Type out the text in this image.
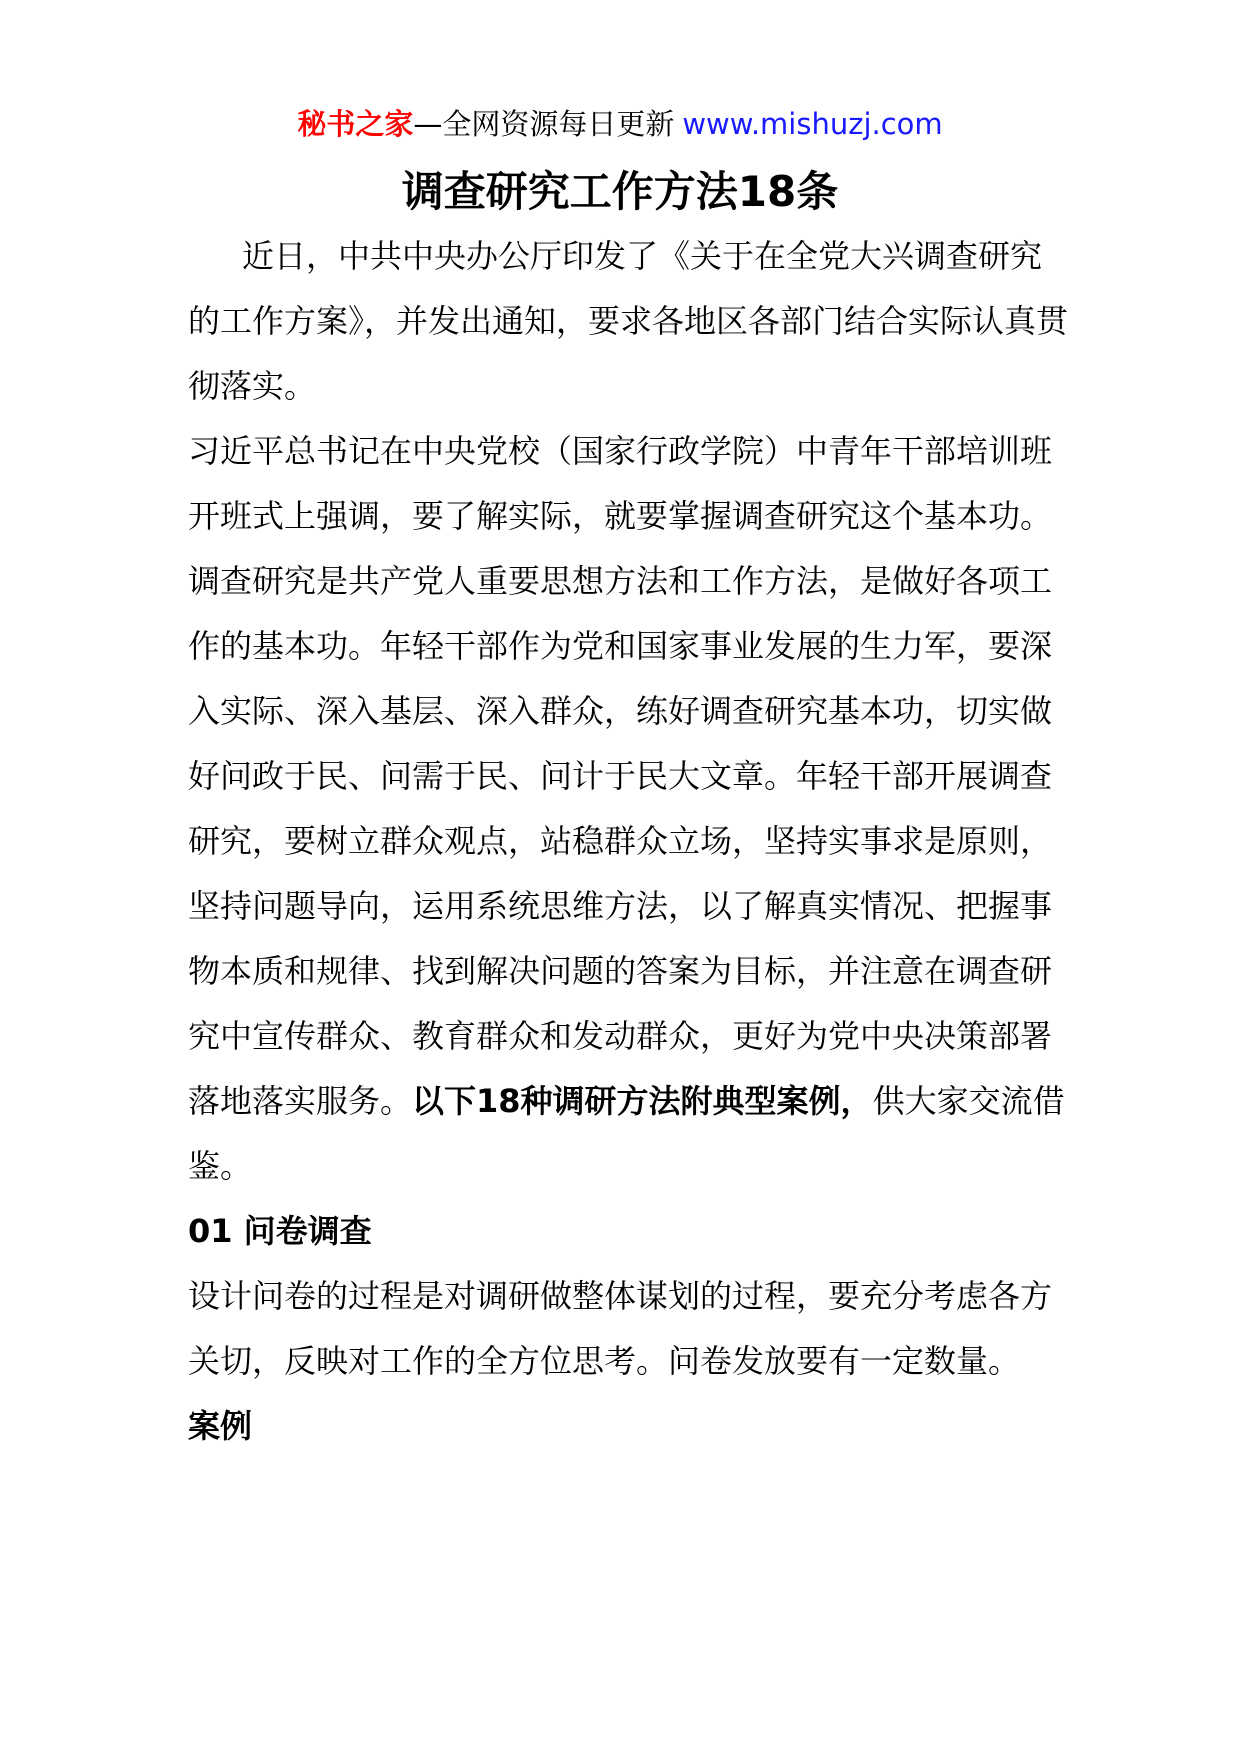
秘书之家—全网资源每日更新 www.mishuzj.com
调查研究工作方法18条

近日，中共中央办公厅印发了《关于在全党大兴调查研究的工作方案》，并发出通知，要求各地区各部门结合实际认真贯彻落实。

习近平总书记在中央党校（国家行政学院）中青年干部培训班开班式上强调，要了解实际，就要掌握调查研究这个基本功。调查研究是共产党人重要思想方法和工作方法，是做好各项工作的基本功。年轻干部作为党和国家事业发展的生力军，要深入实际、深入基层、深入群众，练好调查研究基本功，切实做好问政于民、问需于民、问计于民大文章。年轻干部开展调查研究，要树立群众观点，站稳群众立场，坚持实事求是原则，坚持问题导向，运用系统思维方法，以了解真实情况、把握事物本质和规律、找到解决问题的答案为目标，并注意在调查研究中宣传群众、教育群众和发动群众，更好为党中央决策部署落地落实服务。以下18种调研方法附典型案例，供大家交流借鉴。

01 问卷调查

设计问卷的过程是对调研做整体谋划的过程，要充分考虑各方关切，反映对工作的全方位思考。问卷发放要有一定数量。

案例
